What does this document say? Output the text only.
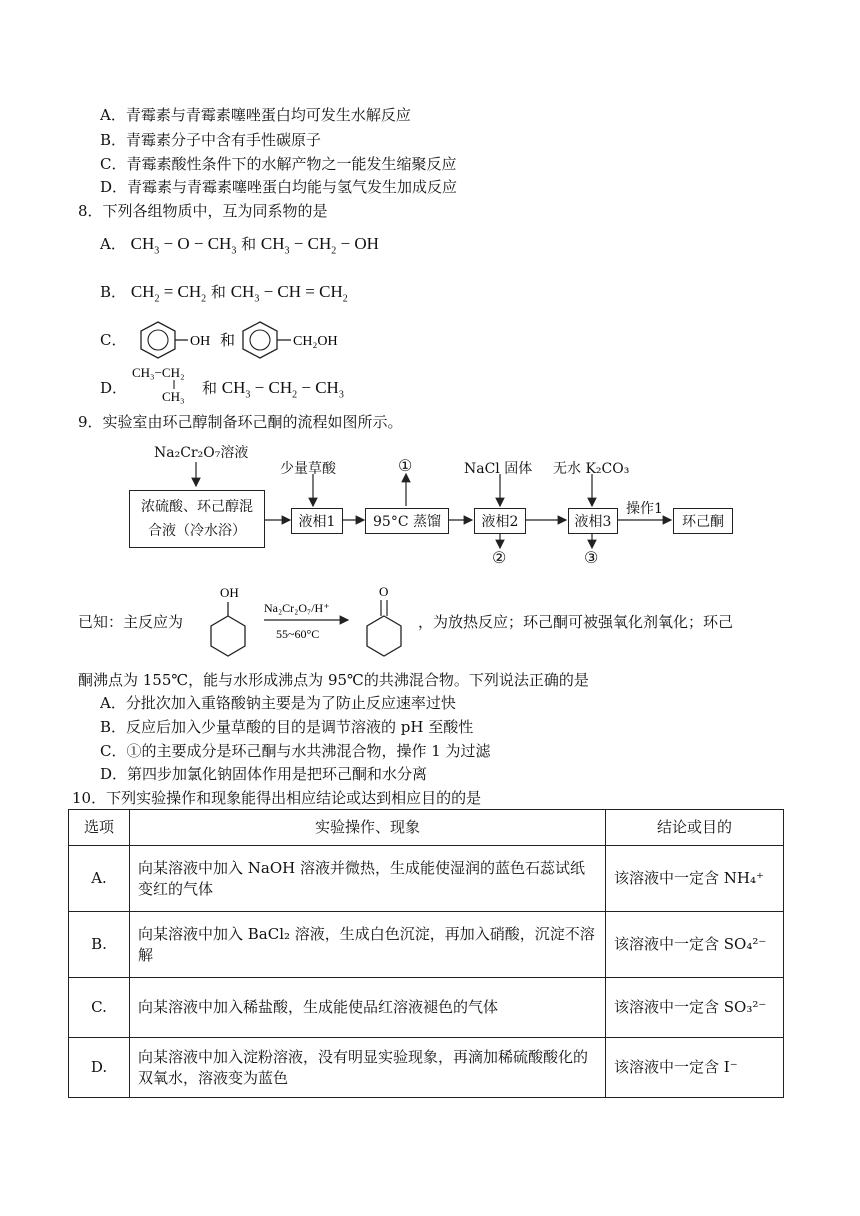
A．青霉素与青霉素噻唑蛋白均可发生水解反应
B．青霉素分子中含有手性碳原子
C．青霉素酸性条件下的水解产物之一能发生缩聚反应
D．青霉素与青霉素噻唑蛋白均能与氢气发生加成反应
8．下列各组物质中，互为同系物的是
A． $CH_3 - O - CH_3$ 和 $CH_3 - CH_2$ − OH
B． $CH_2 = CH_2$ 和 $CH_3$ − CH = $CH_2$
C．	OH 和	CH₂OH
D．
CH₃−CH₂
CH₃ 和 $CH_3 - CH_2 - CH_3$
9．实验室由环己醇制备环己酮的流程如图所示。
Na₂Cr₂O₇溶液
浓硫酸、环己醇混
合液（冷水浴）
少量草酸
液相1	95°C 蒸馏
①	NaCl 固体
液相2
②
无水 K₂CO₃
液相3
③
操作1
环己酮
已知：主反应为
OH
Na₂Cr₂O₇/H⁺
55~60°C
O
，为放热反应；环己酮可被强氧化剂氧化；环己
酮沸点为 155℃，能与水形成沸点为 95℃的共沸混合物。下列说法正确的是
A．分批次加入重铬酸钠主要是为了防止反应速率过快
B．反应后加入少量草酸的目的是调节溶液的 pH 至酸性
C．①的主要成分是环己酮与水共沸混合物，操作 1 为过滤
D．第四步加氯化钠固体作用是把环己酮和水分离
10．下列实验操作和现象能得出相应结论或达到相应目的的是
选项	实验操作、现象	结论或目的
A.	向某溶液中加入 NaOH 溶液并微热，生成能使湿润的蓝色石蕊试纸变红的气体	该溶液中一定含 NH₄⁺
B.	向某溶液中加入 BaCl₂ 溶液，生成白色沉淀，再加入硝酸，沉淀不溶解	该溶液中一定含 SO₄²⁻
C.	向某溶液中加入稀盐酸，生成能使品红溶液褪色的气体	该溶液中一定含 SO₃²⁻
D.	向某溶液中加入淀粉溶液，没有明显实验现象，再滴加稀硫酸酸化的双氧水，溶液变为蓝色	该溶液中一定含 I⁻
